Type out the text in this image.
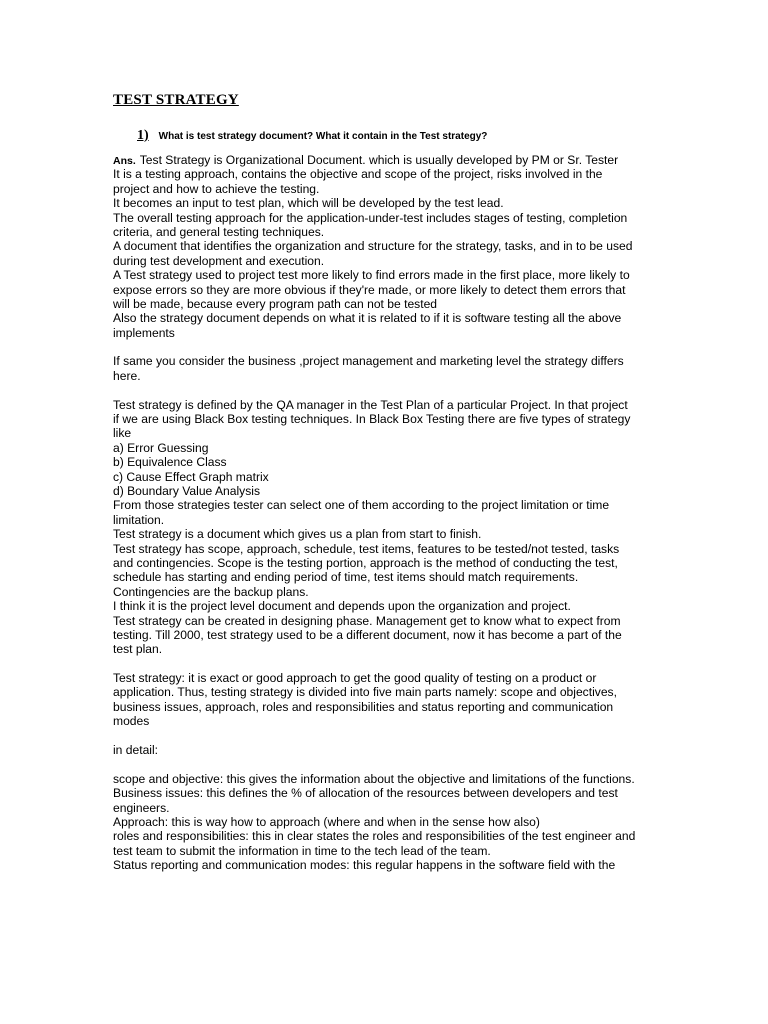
TEST STRATEGY
1) What is test strategy document? What it contain in the Test strategy?
Ans. Test Strategy is Organizational Document. which is usually developed by PM or Sr. Tester
It is a testing approach, contains the objective and scope of the project, risks involved in the
project and how to achieve the testing.
It becomes an input to test plan, which will be developed by the test lead.
The overall testing approach for the application-under-test includes stages of testing, completion
criteria, and general testing techniques.
A document that identifies the organization and structure for the strategy, tasks, and in to be used
during test development and execution.
A Test strategy used to project test more likely to find errors made in the first place, more likely to
expose errors so they are more obvious if they're made, or more likely to detect them errors that
will be made, because every program path can not be tested
Also the strategy document depends on what it is related to if it is software testing all the above
implements
If same you consider the business ,project management and marketing level the strategy differs
here.
Test strategy is defined by the QA manager in the Test Plan of a particular Project. In that project
if we are using Black Box testing techniques. In Black Box Testing there are five types of strategy
like
a) Error Guessing
b) Equivalence Class
c) Cause Effect Graph matrix
d) Boundary Value Analysis
From those strategies tester can select one of them according to the project limitation or time
limitation.
Test strategy is a document which gives us a plan from start to finish.
Test strategy has scope, approach, schedule, test items, features to be tested/not tested, tasks
and contingencies. Scope is the testing portion, approach is the method of conducting the test,
schedule has starting and ending period of time, test items should match requirements.
Contingencies are the backup plans.
I think it is the project level document and depends upon the organization and project.
Test strategy can be created in designing phase. Management get to know what to expect from
testing. Till 2000, test strategy used to be a different document, now it has become a part of the
test plan.
Test strategy: it is exact or good approach to get the good quality of testing on a product or
application. Thus, testing strategy is divided into five main parts namely: scope and objectives,
business issues, approach, roles and responsibilities and status reporting and communication
modes
in detail:
scope and objective: this gives the information about the objective and limitations of the functions.
Business issues: this defines the % of allocation of the resources between developers and test
engineers.
Approach: this is way how to approach (where and when in the sense how also)
roles and responsibilities: this in clear states the roles and responsibilities of the test engineer and
test team to submit the information in time to the tech lead of the team.
Status reporting and communication modes: this regular happens in the software field with the
